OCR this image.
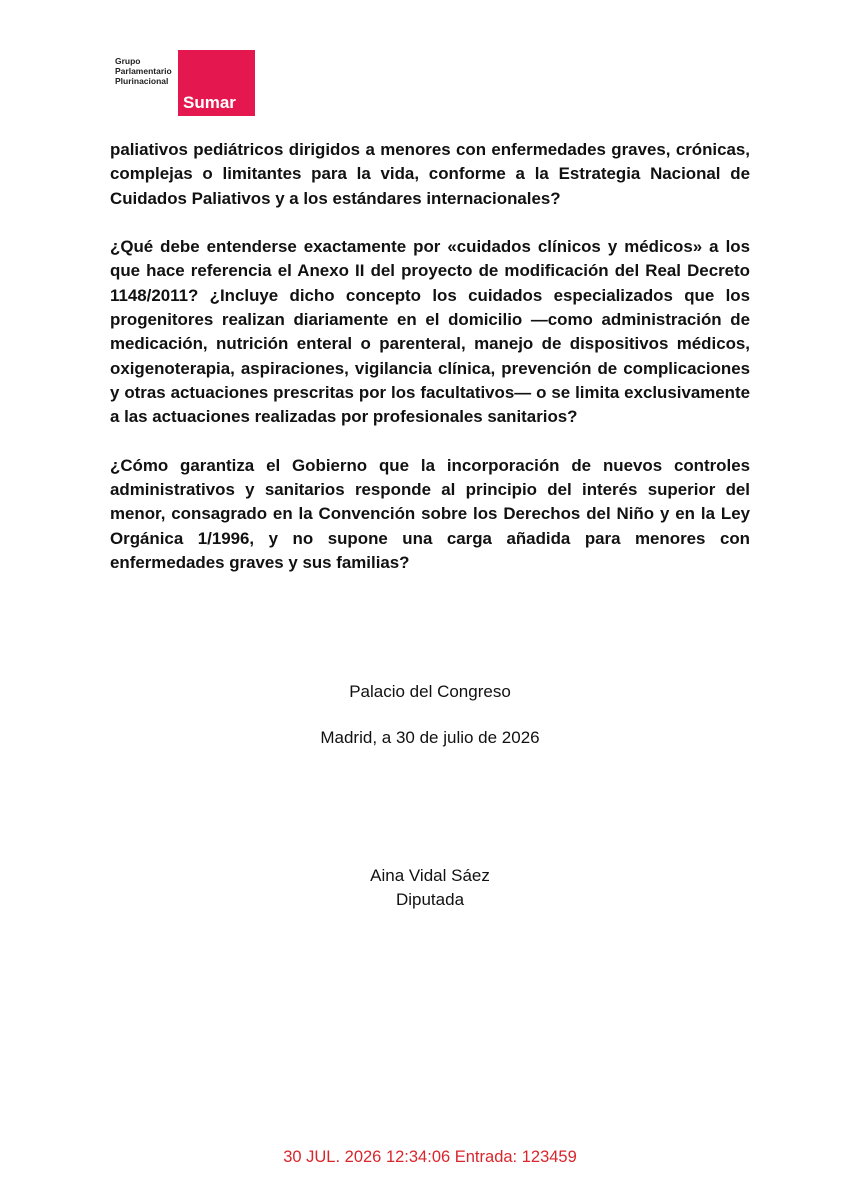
Grupo
Parlamentario
Plurinacional
Sumar

paliativos pediátricos dirigidos a menores con enfermedades graves, crónicas, complejas o limitantes para la vida, conforme a la Estrategia Nacional de Cuidados Paliativos y a los estándares internacionales?

¿Qué debe entenderse exactamente por «cuidados clínicos y médicos» a los que hace referencia el Anexo II del proyecto de modificación del Real Decreto 1148/2011? ¿Incluye dicho concepto los cuidados especializados que los progenitores realizan diariamente en el domicilio —como administración de medicación, nutrición enteral o parenteral, manejo de dispositivos médicos, oxigenoterapia, aspiraciones, vigilancia clínica, prevención de complicaciones y otras actuaciones prescritas por los facultativos— o se limita exclusivamente a las actuaciones realizadas por profesionales sanitarios?

¿Cómo garantiza el Gobierno que la incorporación de nuevos controles administrativos y sanitarios responde al principio del interés superior del menor, consagrado en la Convención sobre los Derechos del Niño y en la Ley Orgánica 1/1996, y no supone una carga añadida para menores con enfermedades graves y sus familias?

Palacio del Congreso
Madrid, a 30 de julio de 2026
Aina Vidal Sáez
Diputada
30 JUL. 2026 12:34:06 Entrada: 123459
